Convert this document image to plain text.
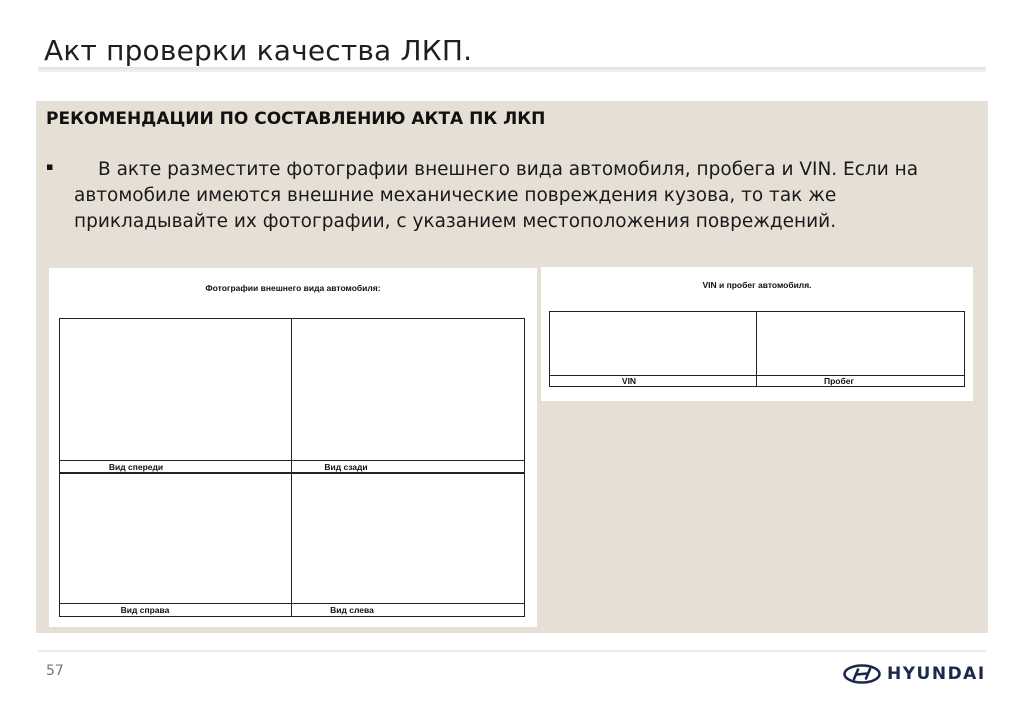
Акт проверки качества ЛКП.
РЕКОМЕНДАЦИИ ПО СОСТАВЛЕНИЮ АКТА ПК ЛКП
▪	В акте разместите фотографии внешнего вида автомобиля, пробега и VIN. Если на автомобиле имеются внешние механические повреждения кузова, то так же прикладывайте их фотографии, с указанием местоположения повреждений.
Фотографии внешнего вида автомобиля:
Вид спереди	Вид сзади
Вид справа	Вид слева
VIN и пробег автомобиля.
VIN	Пробег
57	HYUNDAI
